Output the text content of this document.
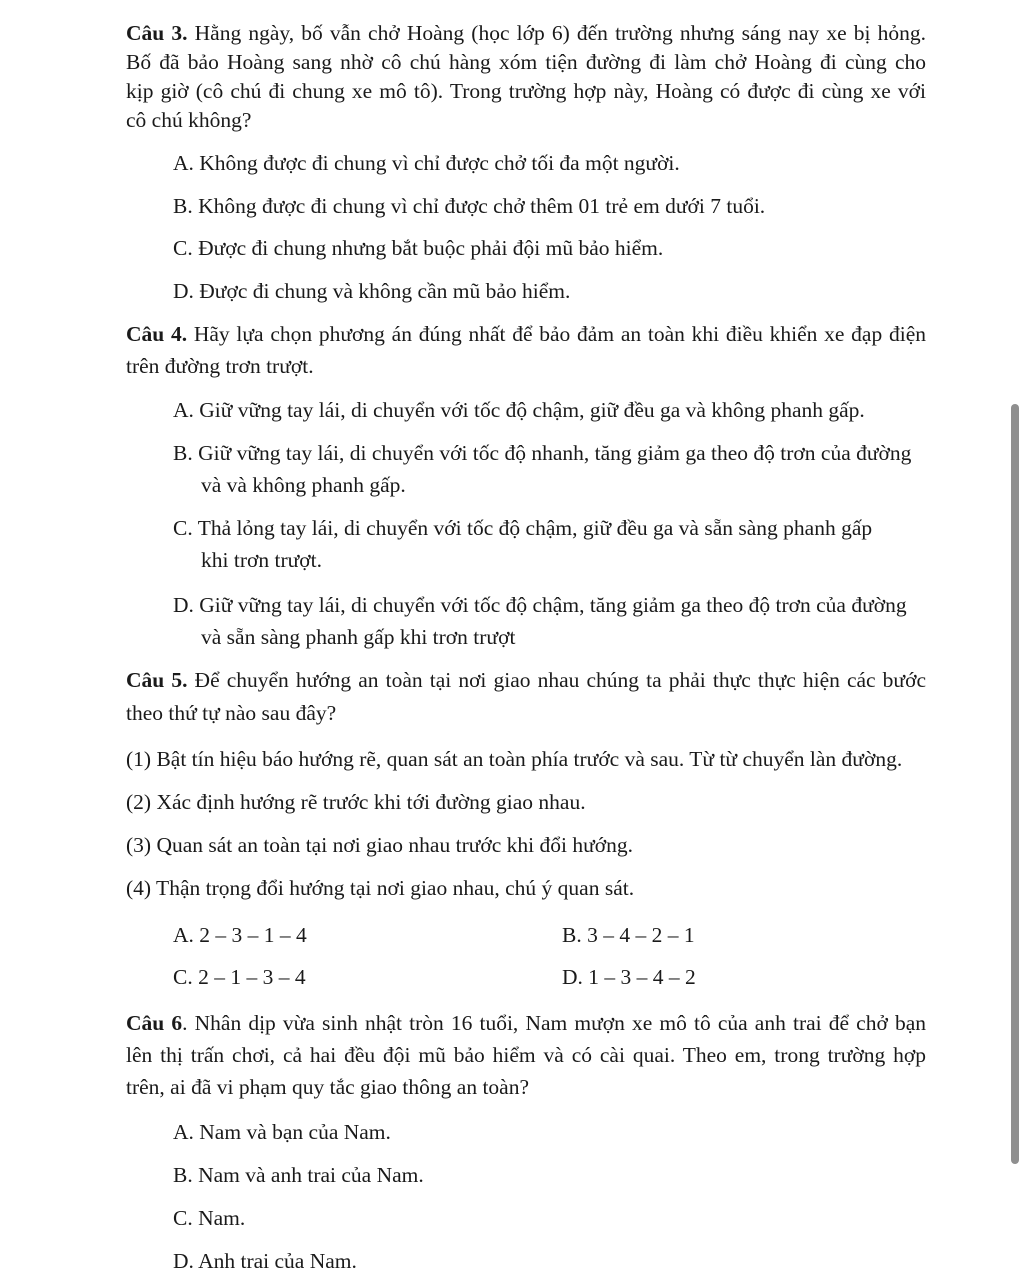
Câu 3. Hằng ngày, bố vẫn chở Hoàng (học lớp 6) đến trường nhưng sáng nay xe bị hỏng.
Bố đã bảo Hoàng sang nhờ cô chú hàng xóm tiện đường đi làm chở Hoàng đi cùng cho
kịp giờ (cô chú đi chung xe mô tô). Trong trường hợp này, Hoàng có được đi cùng xe với
cô chú không?
A. Không được đi chung vì chỉ được chở tối đa một người.
B. Không được đi chung vì chỉ được chở thêm 01 trẻ em dưới 7 tuổi.
C. Được đi chung nhưng bắt buộc phải đội mũ bảo hiểm.
D. Được đi chung và không cần mũ bảo hiểm.
Câu 4. Hãy lựa chọn phương án đúng nhất để bảo đảm an toàn khi điều khiển xe đạp điện
trên đường trơn trượt.
A. Giữ vững tay lái, di chuyển với tốc độ chậm, giữ đều ga và không phanh gấp.
B. Giữ vững tay lái, di chuyển với tốc độ nhanh, tăng giảm ga theo độ trơn của đường
và và không phanh gấp.
C. Thả lỏng tay lái, di chuyển với tốc độ chậm, giữ đều ga và sẵn sàng phanh gấp
khi trơn trượt.
D. Giữ vững tay lái, di chuyển với tốc độ chậm, tăng giảm ga theo độ trơn của đường
và sẵn sàng phanh gấp khi trơn trượt
Câu 5. Để chuyển hướng an toàn tại nơi giao nhau chúng ta phải thực thực hiện các bước
theo thứ tự nào sau đây?
(1) Bật tín hiệu báo hướng rẽ, quan sát an toàn phía trước và sau. Từ từ chuyển làn đường.
(2) Xác định hướng rẽ trước khi tới đường giao nhau.
(3) Quan sát an toàn tại nơi giao nhau trước khi đổi hướng.
(4) Thận trọng đổi hướng tại nơi giao nhau, chú ý quan sát.
A. 2 – 3 – 1 – 4	B. 3 – 4 – 2 – 1
C. 2 – 1 – 3 – 4	D. 1 – 3 – 4 – 2
Câu 6. Nhân dịp vừa sinh nhật tròn 16 tuổi, Nam mượn xe mô tô của anh trai để chở bạn
lên thị trấn chơi, cả hai đều đội mũ bảo hiểm và có cài quai. Theo em, trong trường hợp
trên, ai đã vi phạm quy tắc giao thông an toàn?
A. Nam và bạn của Nam.
B. Nam và anh trai của Nam.
C. Nam.
D. Anh trai của Nam.
